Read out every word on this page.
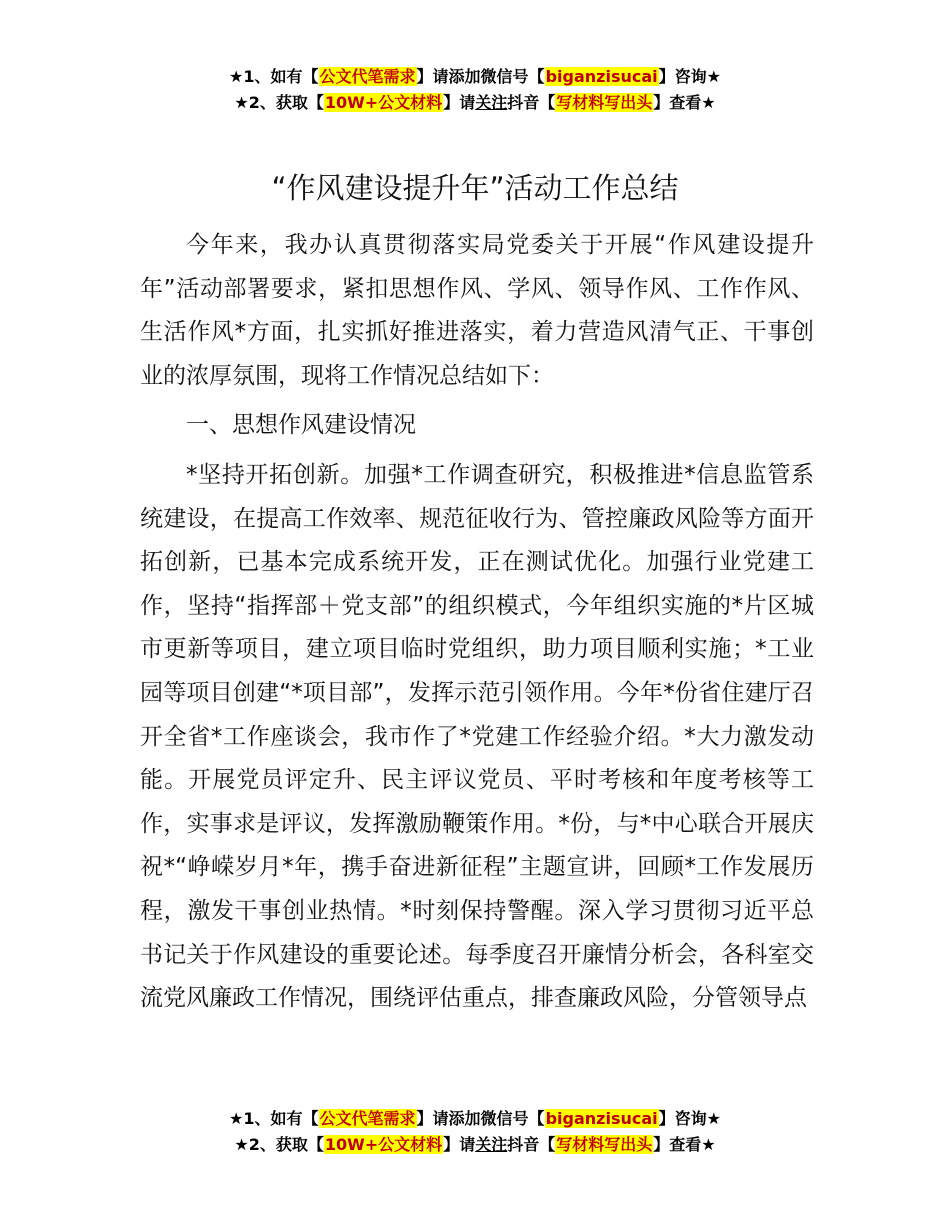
★1、如有【公文代笔需求】请添加微信号【biganzisucai】咨询★
★2、获取【10W+公文材料】请关注抖音【写材料写出头】查看★
“作风建设提升年”活动工作总结

今年来，我办认真贯彻落实局党委关于开展“作风建设提升年”活动部署要求，紧扣思想作风、学风、领导作风、工作作风、生活作风*方面，扎实抓好推进落实，着力营造风清气正、干事创业的浓厚氛围，现将工作情况总结如下：

一、思想作风建设情况

*坚持开拓创新。加强*工作调查研究，积极推进*信息监管系统建设，在提高工作效率、规范征收行为、管控廉政风险等方面开拓创新，已基本完成系统开发，正在测试优化。加强行业党建工作，坚持“指挥部＋党支部”的组织模式，今年组织实施的*片区城市更新等项目，建立项目临时党组织，助力项目顺利实施；*工业园等项目创建“*项目部”，发挥示范引领作用。今年*份省住建厅召开全省*工作座谈会，我市作了*党建工作经验介绍。*大力激发动能。开展党员评定升、民主评议党员、平时考核和年度考核等工作，实事求是评议，发挥激励鞭策作用。*份，与*中心联合开展庆祝*“峥嵘岁月*年，携手奋进新征程”主题宣讲，回顾*工作发展历程，激发干事创业热情。*时刻保持警醒。深入学习贯彻习近平总书记关于作风建设的重要论述。每季度召开廉情分析会，各科室交流党风廉政工作情况，围绕评估重点，排查廉政风险，分管领导点

★1、如有【公文代笔需求】请添加微信号【biganzisucai】咨询★
★2、获取【10W+公文材料】请关注抖音【写材料写出头】查看★
